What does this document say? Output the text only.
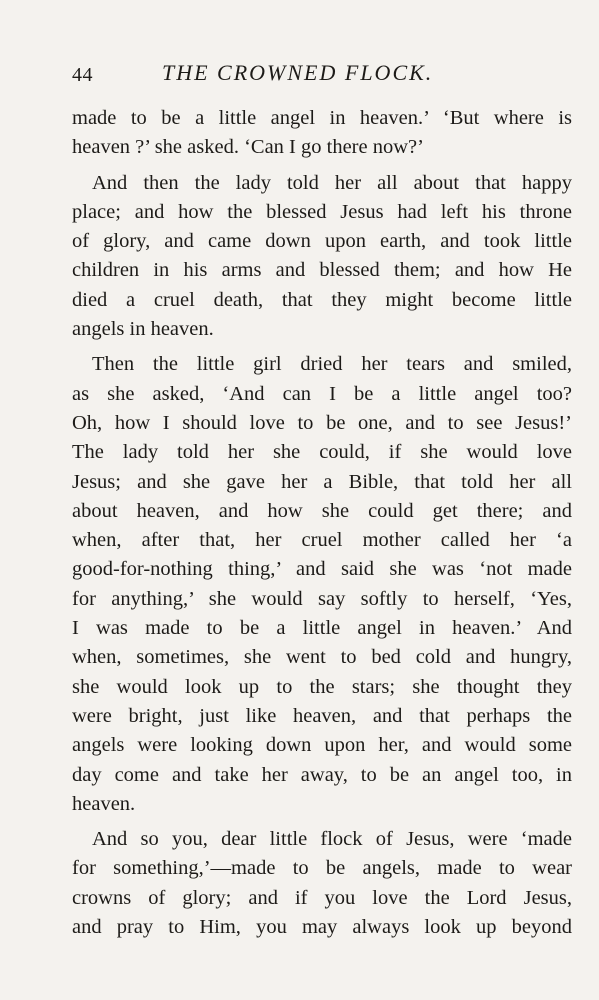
44	THE CROWNED FLOCK.
made to be a little angel in heaven.’ ‘But where is
heaven ?’ she asked. ‘Can I go there now?’
And then the lady told her all about that happy
place; and how the blessed Jesus had left his throne
of glory, and came down upon earth, and took little
children in his arms and blessed them; and how He
died a cruel death, that they might become little
angels in heaven.
Then the little girl dried her tears and smiled,
as she asked, ‘And can I be a little angel too?
Oh, how I should love to be one, and to see Jesus!’
The lady told her she could, if she would love
Jesus; and she gave her a Bible, that told her all
about heaven, and how she could get there; and
when, after that, her cruel mother called her ‘a
good-for-nothing thing,’ and said she was ‘not made
for anything,’ she would say softly to herself, ‘Yes,
I was made to be a little angel in heaven.’ And
when, sometimes, she went to bed cold and hungry,
she would look up to the stars; she thought they
were bright, just like heaven, and that perhaps the
angels were looking down upon her, and would some
day come and take her away, to be an angel too, in
heaven.
And so you, dear little flock of Jesus, were ‘made
for something,’—made to be angels, made to wear
crowns of glory; and if you love the Lord Jesus,
and pray to Him, you may always look up beyond
